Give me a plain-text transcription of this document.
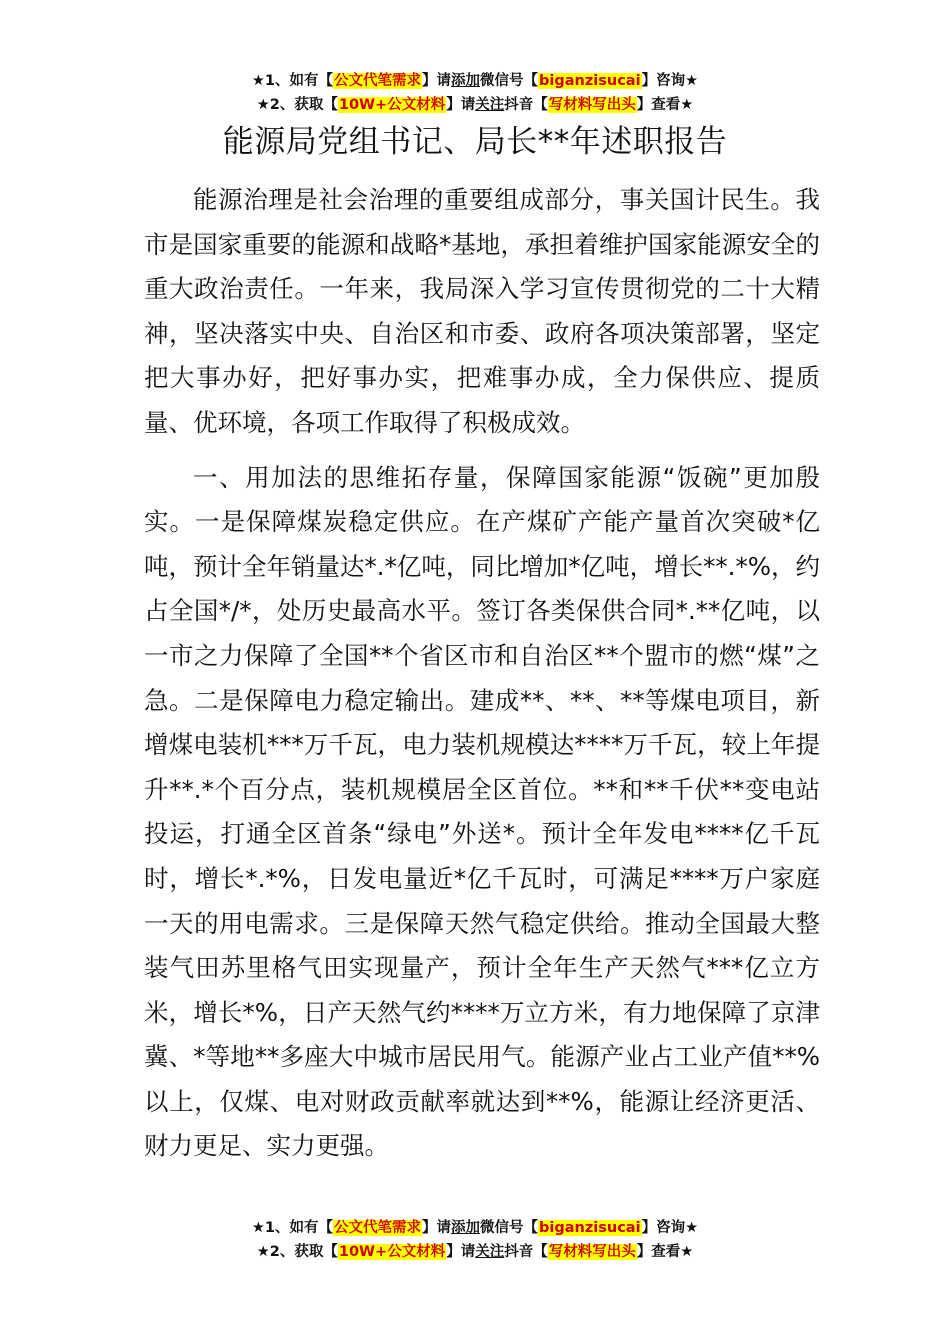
★1、如有【公文代笔需求】请添加微信号【biganzisucai】咨询★
★2、获取【10W+公文材料】请关注抖音【写材料写出头】查看★
能源局党组书记、局长**年述职报告

能源治理是社会治理的重要组成部分，事关国计民生。我市是国家重要的能源和战略*基地，承担着维护国家能源安全的重大政治责任。一年来，我局深入学习宣传贯彻党的二十大精神，坚决落实中央、自治区和市委、政府各项决策部署，坚定把大事办好，把好事办实，把难事办成，全力保供应、提质量、优环境，各项工作取得了积极成效。

一、用加法的思维拓存量，保障国家能源“饭碗”更加殷实。一是保障煤炭稳定供应。在产煤矿产能产量首次突破*亿吨，预计全年销量达*.*亿吨，同比增加*亿吨，增长**.*%，约占全国*/*，处历史最高水平。签订各类保供合同*.**亿吨，以一市之力保障了全国**个省区市和自治区**个盟市的燃“煤”之急。二是保障电力稳定输出。建成**、**、**等煤电项目，新增煤电装机***万千瓦，电力装机规模达****万千瓦，较上年提升**.*个百分点，装机规模居全区首位。**和**千伏**变电站投运，打通全区首条“绿电”外送*。预计全年发电****亿千瓦时，增长*.*%，日发电量近*亿千瓦时，可满足****万户家庭一天的用电需求。三是保障天然气稳定供给。推动全国最大整装气田苏里格气田实现量产，预计全年生产天然气***亿立方米，增长*%，日产天然气约****万立方米，有力地保障了京津冀、*等地**多座大中城市居民用气。能源产业占工业产值**%以上，仅煤、电对财政贡献率就达到**%，能源让经济更活、财力更足、实力更强。

★1、如有【公文代笔需求】请添加微信号【biganzisucai】咨询★
★2、获取【10W+公文材料】请关注抖音【写材料写出头】查看★
